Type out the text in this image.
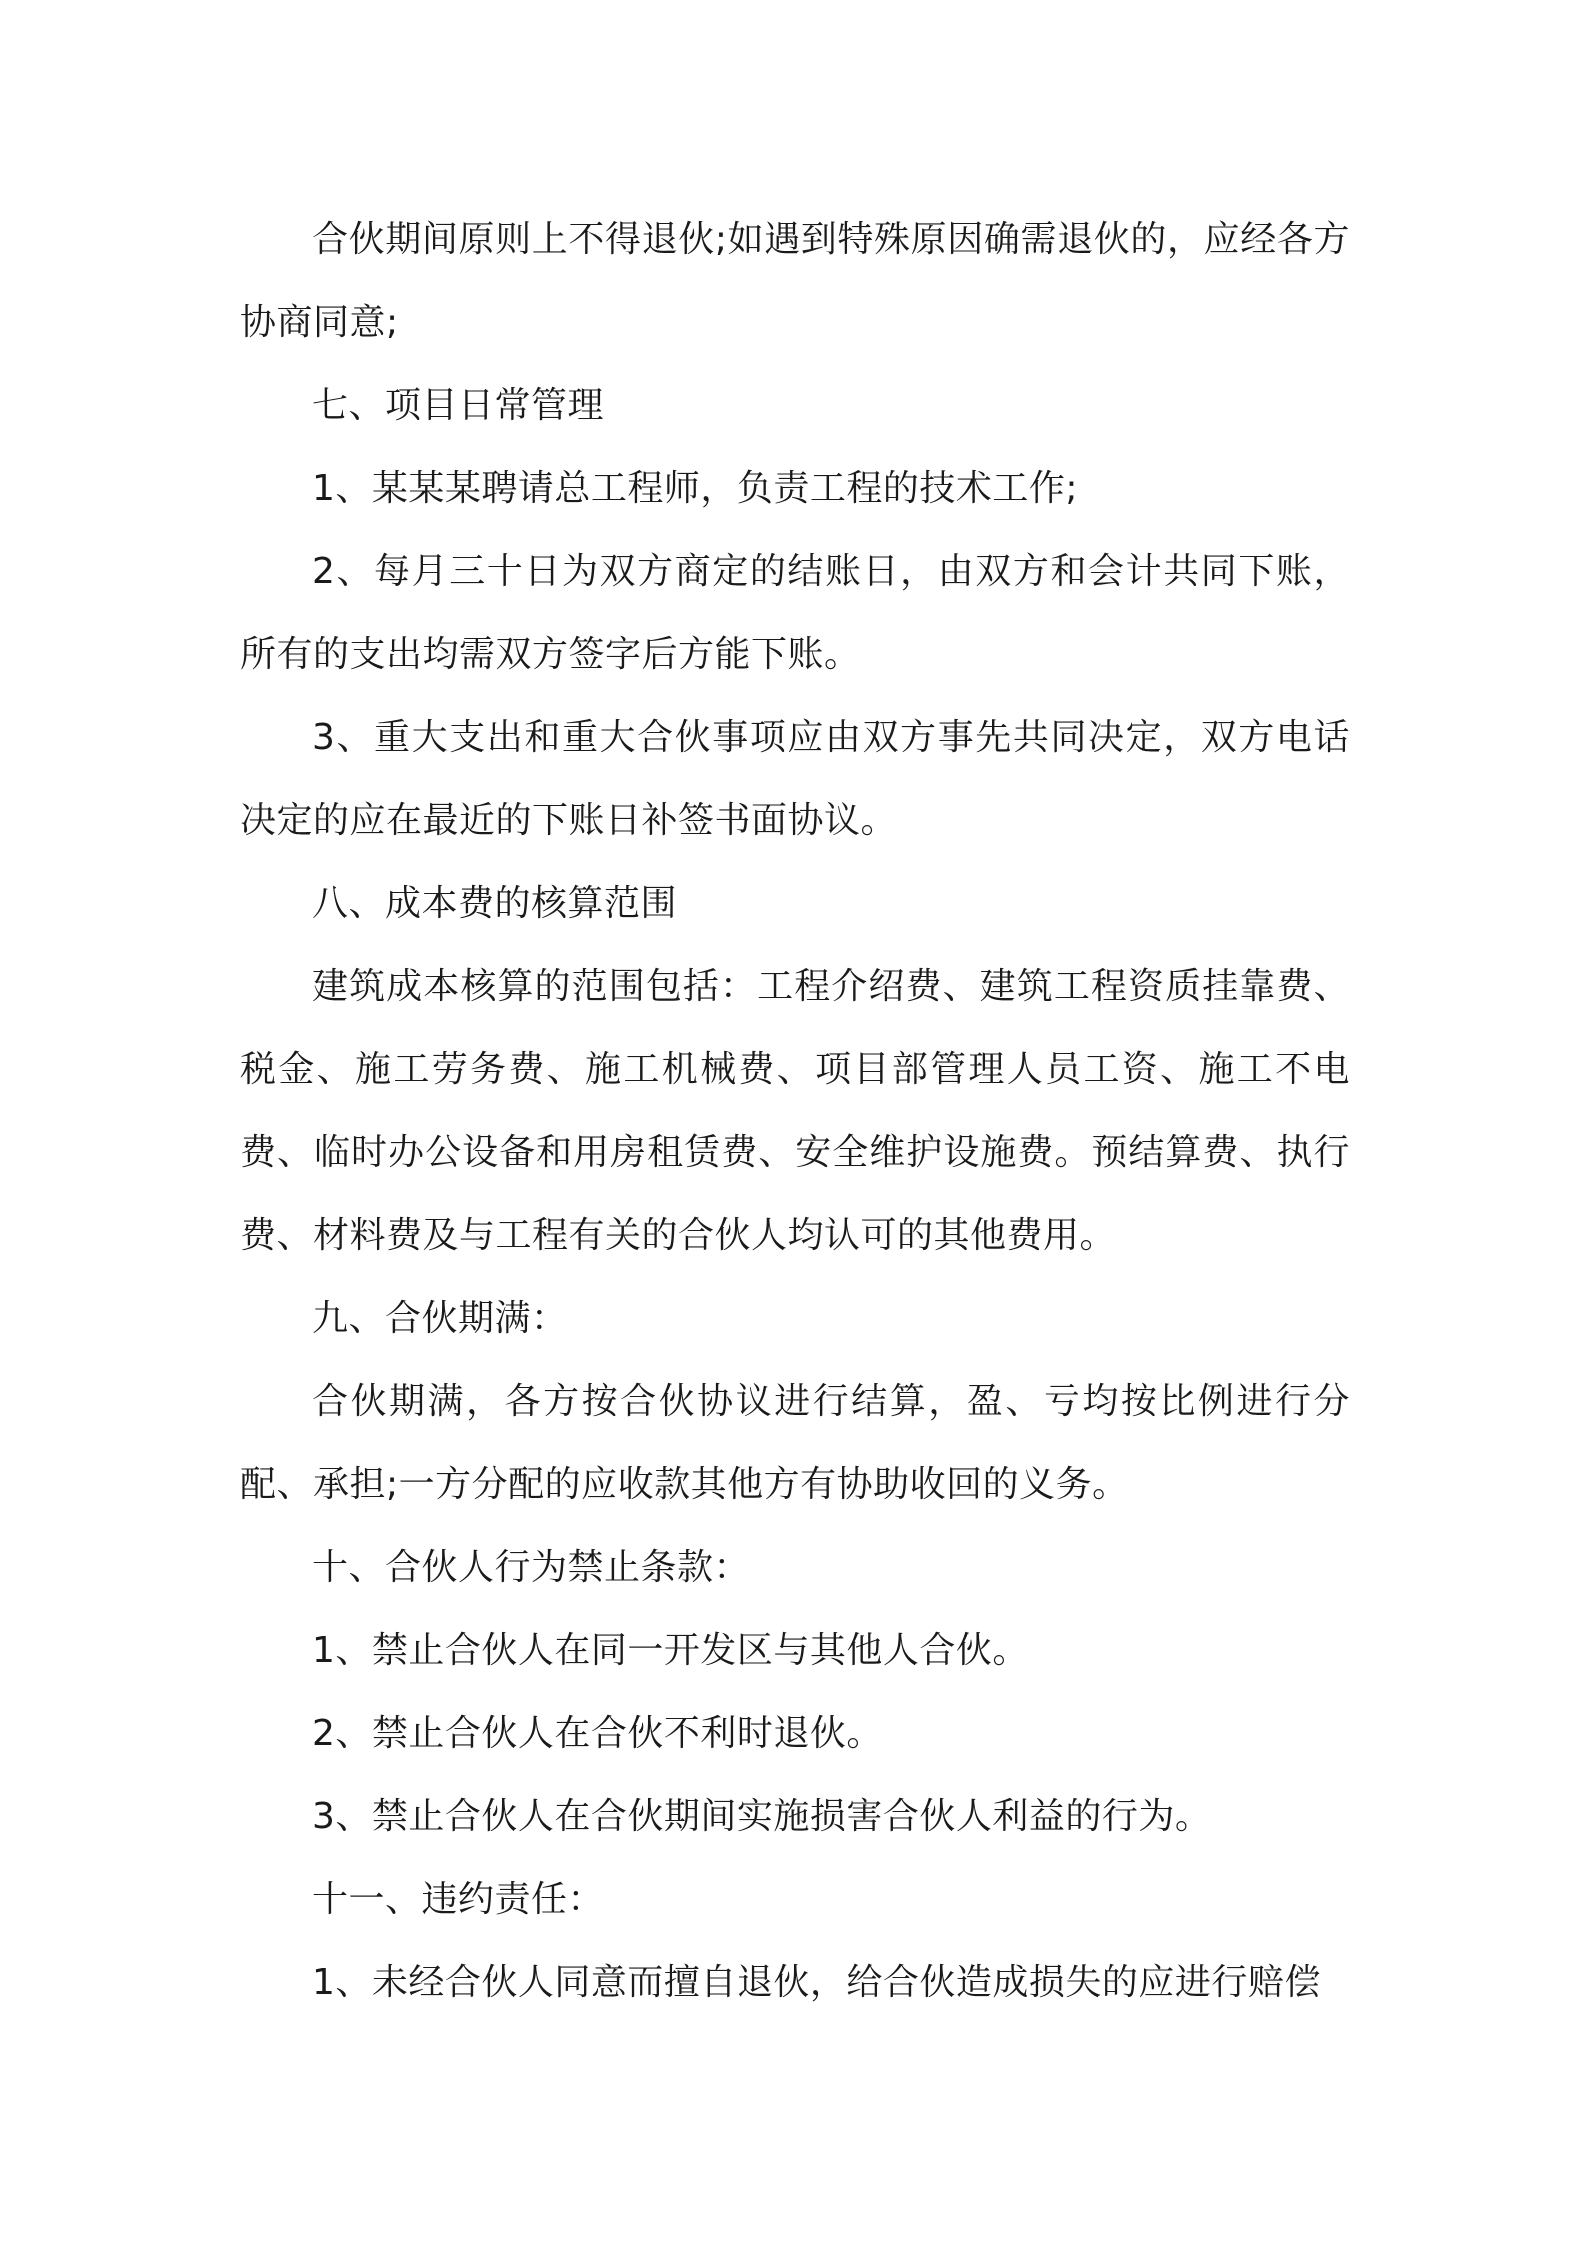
合伙期间原则上不得退伙;如遇到特殊原因确需退伙的，应经各方协商同意;

七、项目日常管理

1、某某某聘请总工程师，负责工程的技术工作;

2、每月三十日为双方商定的结账日，由双方和会计共同下账，所有的支出均需双方签字后方能下账。

3、重大支出和重大合伙事项应由双方事先共同决定，双方电话决定的应在最近的下账日补签书面协议。

八、成本费的核算范围

建筑成本核算的范围包括：工程介绍费、建筑工程资质挂靠费、税金、施工劳务费、施工机械费、项目部管理人员工资、施工不电费、临时办公设备和用房租赁费、安全维护设施费。预结算费、执行费、材料费及与工程有关的合伙人均认可的其他费用。

九、合伙期满：

合伙期满，各方按合伙协议进行结算，盈、亏均按比例进行分配、承担;一方分配的应收款其他方有协助收回的义务。

十、合伙人行为禁止条款：

1、禁止合伙人在同一开发区与其他人合伙。

2、禁止合伙人在合伙不利时退伙。

3、禁止合伙人在合伙期间实施损害合伙人利益的行为。

十一、违约责任：

1、未经合伙人同意而擅自退伙，给合伙造成损失的应进行赔偿
